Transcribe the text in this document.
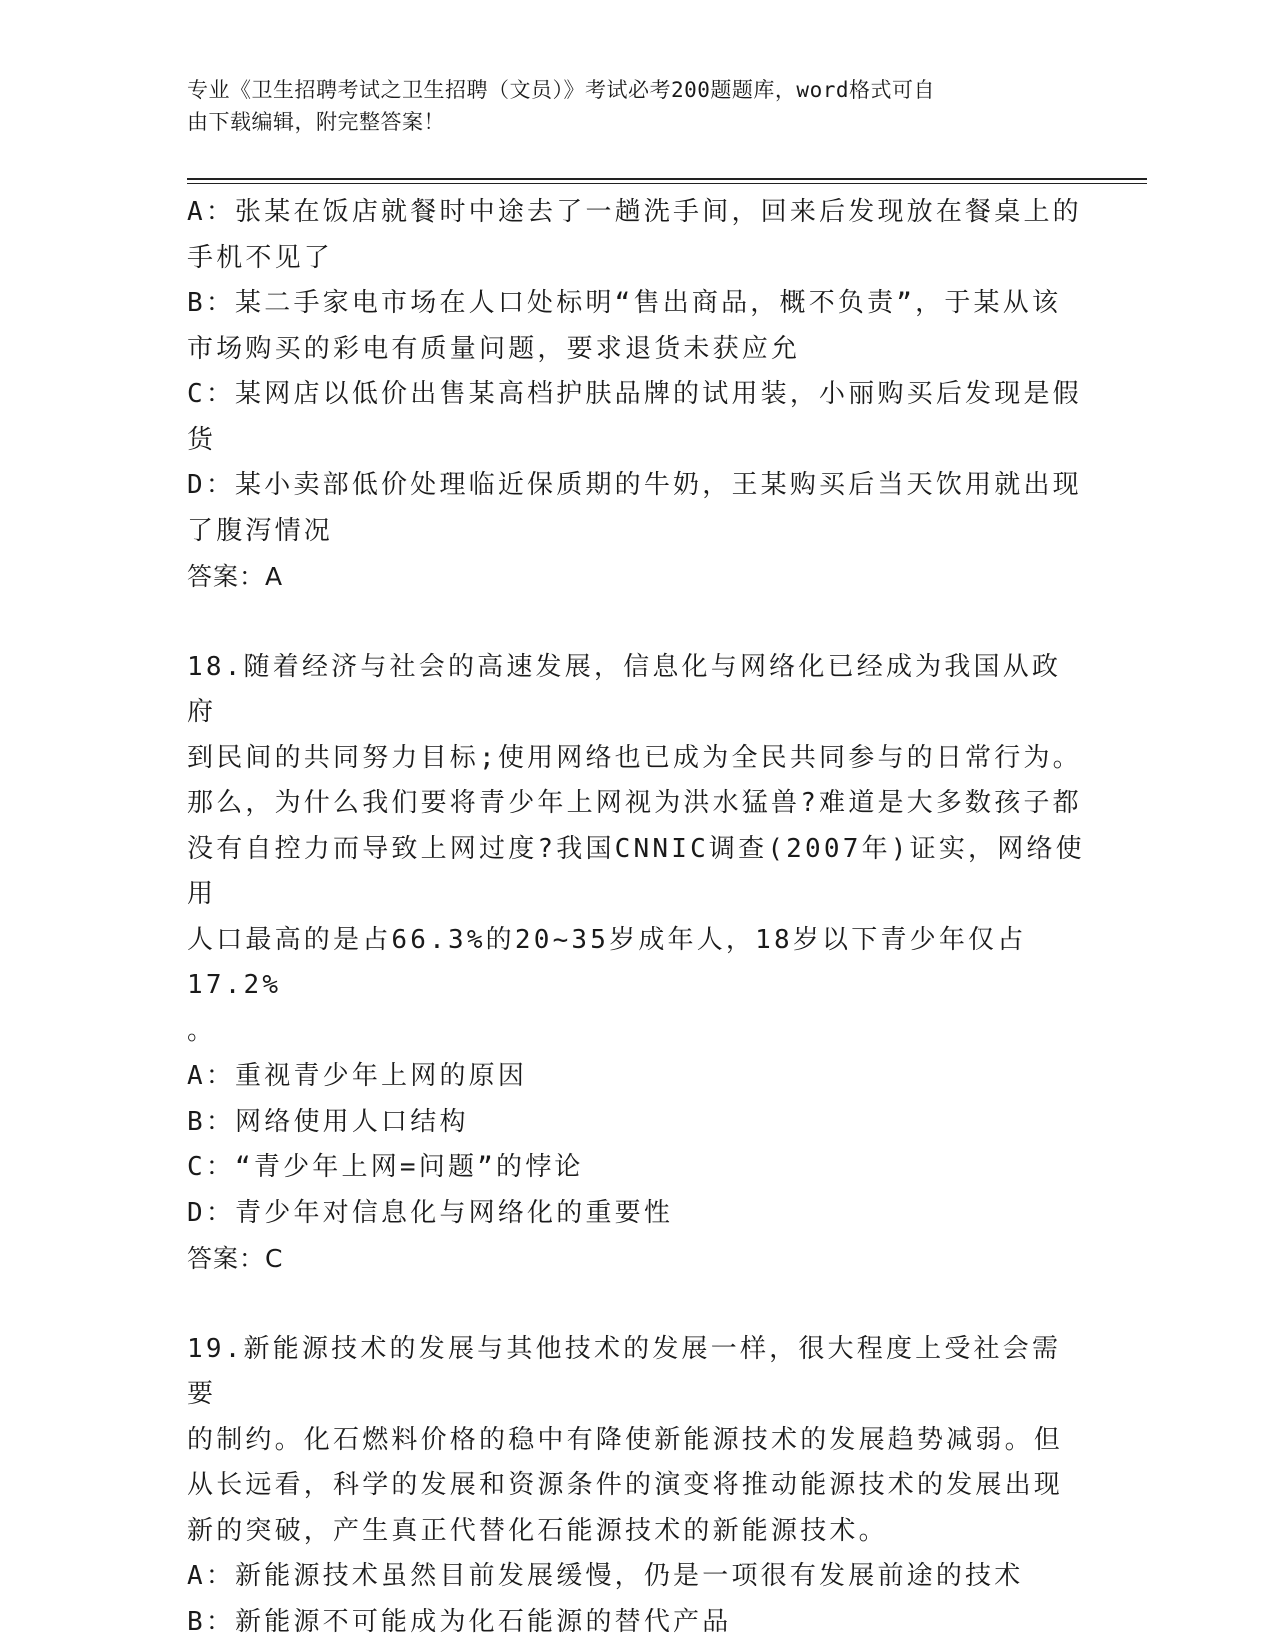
专业《卫生招聘考试之卫生招聘（文员）》考试必考200题题库，word格式可自
由下载编辑，附完整答案！
A：张某在饭店就餐时中途去了一趟洗手间，回来后发现放在餐桌上的
手机不见了
B：某二手家电市场在人口处标明“售出商品，概不负责”，于某从该
市场购买的彩电有质量问题，要求退货未获应允
C：某网店以低价出售某高档护肤品牌的试用装，小丽购买后发现是假
货
D：某小卖部低价处理临近保质期的牛奶，王某购买后当天饮用就出现
了腹泻情况
答案：A
18.随着经济与社会的高速发展，信息化与网络化已经成为我国从政府
到民间的共同努力目标;使用网络也已成为全民共同参与的日常行为。
那么，为什么我们要将青少年上网视为洪水猛兽?难道是大多数孩子都
没有自控力而导致上网过度?我国CNNIC调查(2007年)证实，网络使用
人口最高的是占66.3%的20~35岁成年人，18岁以下青少年仅占17.2%
。
A：重视青少年上网的原因
B：网络使用人口结构
C：“青少年上网=问题”的悖论
D：青少年对信息化与网络化的重要性
答案：C
19.新能源技术的发展与其他技术的发展一样，很大程度上受社会需要
的制约。化石燃料价格的稳中有降使新能源技术的发展趋势减弱。但
从长远看，科学的发展和资源条件的演变将推动能源技术的发展出现
新的突破，产生真正代替化石能源技术的新能源技术。
A：新能源技术虽然目前发展缓慢，仍是一项很有发展前途的技术
B：新能源不可能成为化石能源的替代产品
